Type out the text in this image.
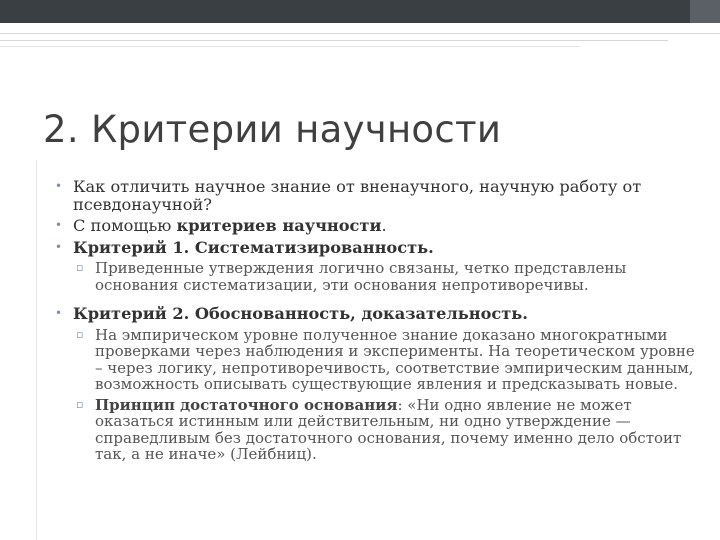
2. Критерии научности
• Как отличить научное знание от вненаучного, научную работу от псевдонаучной?
• С помощью критериев научности.
• Критерий 1. Систематизированность.
▫ Приведенные утверждения логично связаны, четко представлены основания систематизации, эти основания непротиворечивы.
• Критерий 2. Обоснованность, доказательность.
▫ На эмпирическом уровне полученное знание доказано многократными проверками через наблюдения и эксперименты. На теоретическом уровне – через логику, непротиворечивость, соответствие эмпирическим данным, возможность описывать существующие явления и предсказывать новые.
▫ Принцип достаточного основания: «Ни одно явление не может оказаться истинным или действительным, ни одно утверждение — справедливым без достаточного основания, почему именно дело обстоит так, а не иначе» (Лейбниц).
